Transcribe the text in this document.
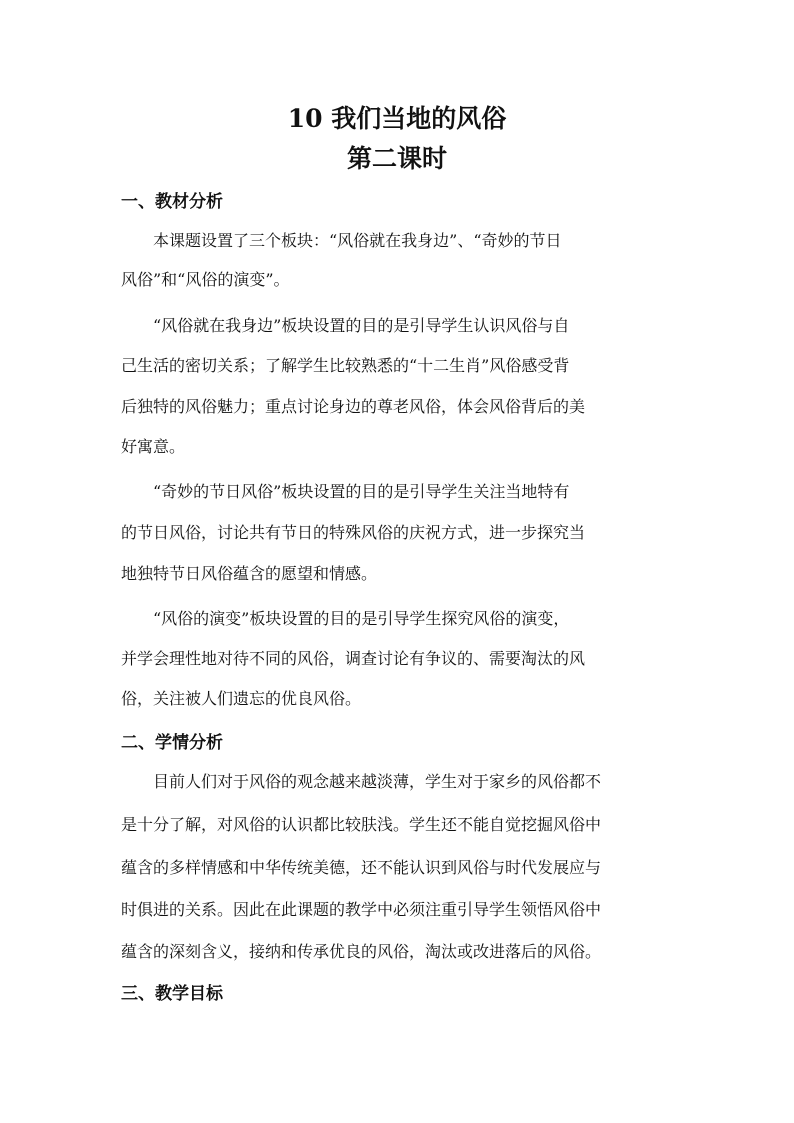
10 我们当地的风俗
第二课时
一、教材分析

本课题设置了三个板块：“风俗就在我身边”、“奇妙的节日

风俗”和“风俗的演变”。

“风俗就在我身边”板块设置的目的是引导学生认识风俗与自

己生活的密切关系；了解学生比较熟悉的“十二生肖”风俗感受背

后独特的风俗魅力；重点讨论身边的尊老风俗，体会风俗背后的美

好寓意。

“奇妙的节日风俗”板块设置的目的是引导学生关注当地特有

的节日风俗，讨论共有节日的特殊风俗的庆祝方式，进一步探究当

地独特节日风俗蕴含的愿望和情感。

“风俗的演变”板块设置的目的是引导学生探究风俗的演变，

并学会理性地对待不同的风俗，调查讨论有争议的、需要淘汰的风

俗，关注被人们遗忘的优良风俗。

二、学情分析

目前人们对于风俗的观念越来越淡薄，学生对于家乡的风俗都不

是十分了解，对风俗的认识都比较肤浅。学生还不能自觉挖掘风俗中

蕴含的多样情感和中华传统美德，还不能认识到风俗与时代发展应与

时俱进的关系。因此在此课题的教学中必须注重引导学生领悟风俗中

蕴含的深刻含义，接纳和传承优良的风俗，淘汰或改进落后的风俗。

三、教学目标
